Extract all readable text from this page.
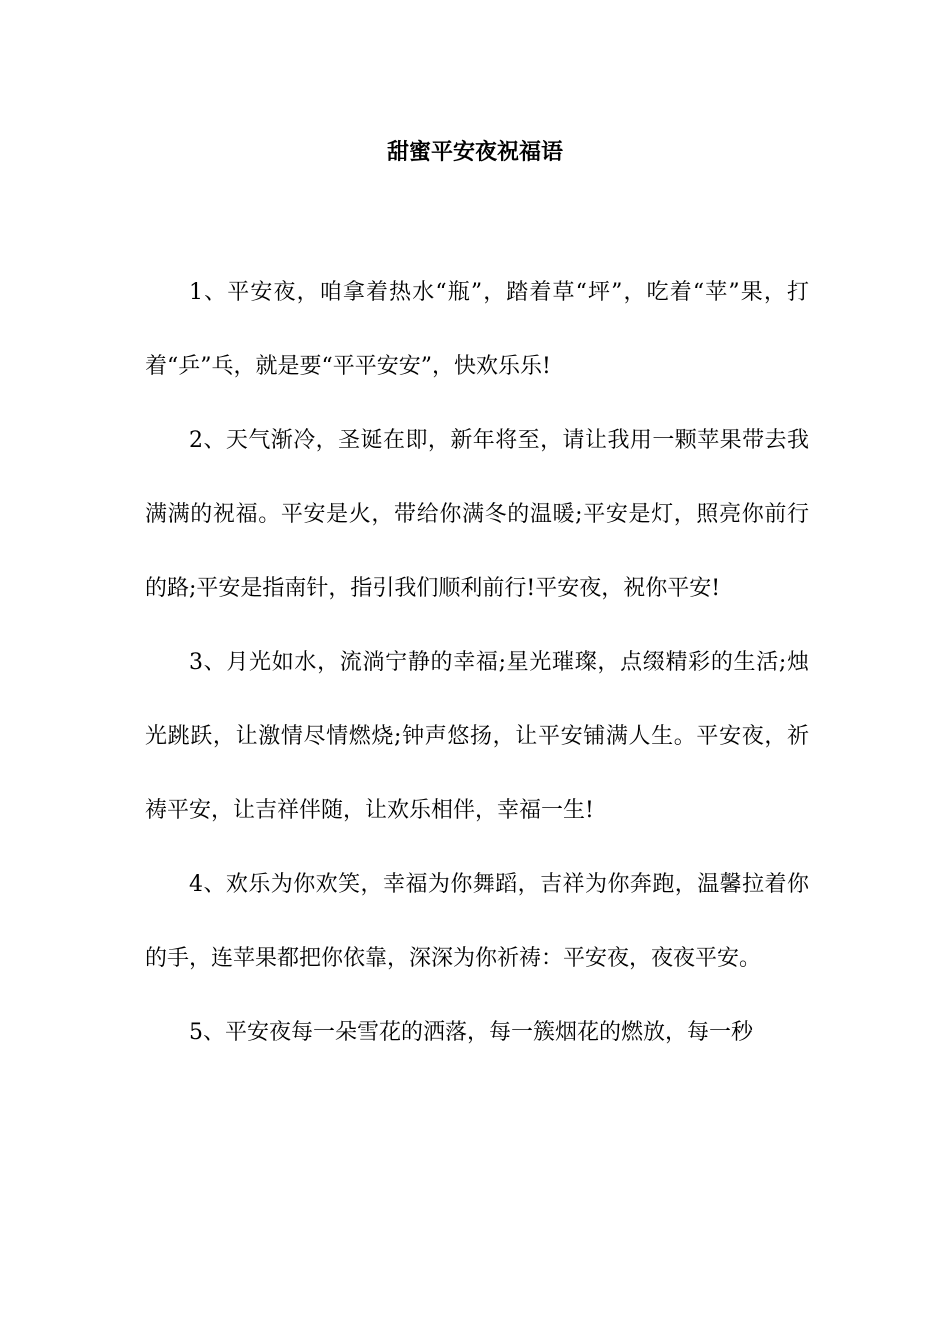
甜蜜平安夜祝福语

1、平安夜，咱拿着热水“瓶”，踏着草“坪”，吃着“苹”果，打着“乒”乓，就是要“平平安安”，快欢乐乐!

2、天气渐冷，圣诞在即，新年将至，请让我用一颗苹果带去我满满的祝福。平安是火，带给你满冬的温暖;平安是灯，照亮你前行的路;平安是指南针，指引我们顺利前行!平安夜，祝你平安!

3、月光如水，流淌宁静的幸福;星光璀璨，点缀精彩的生活;烛光跳跃，让激情尽情燃烧;钟声悠扬，让平安铺满人生。平安夜，祈祷平安，让吉祥伴随，让欢乐相伴，幸福一生!

4、欢乐为你欢笑，幸福为你舞蹈，吉祥为你奔跑，温馨拉着你的手，连苹果都把你依靠，深深为你祈祷：平安夜，夜夜平安。

5、平安夜每一朵雪花的洒落，每一簇烟花的燃放，每一秒
